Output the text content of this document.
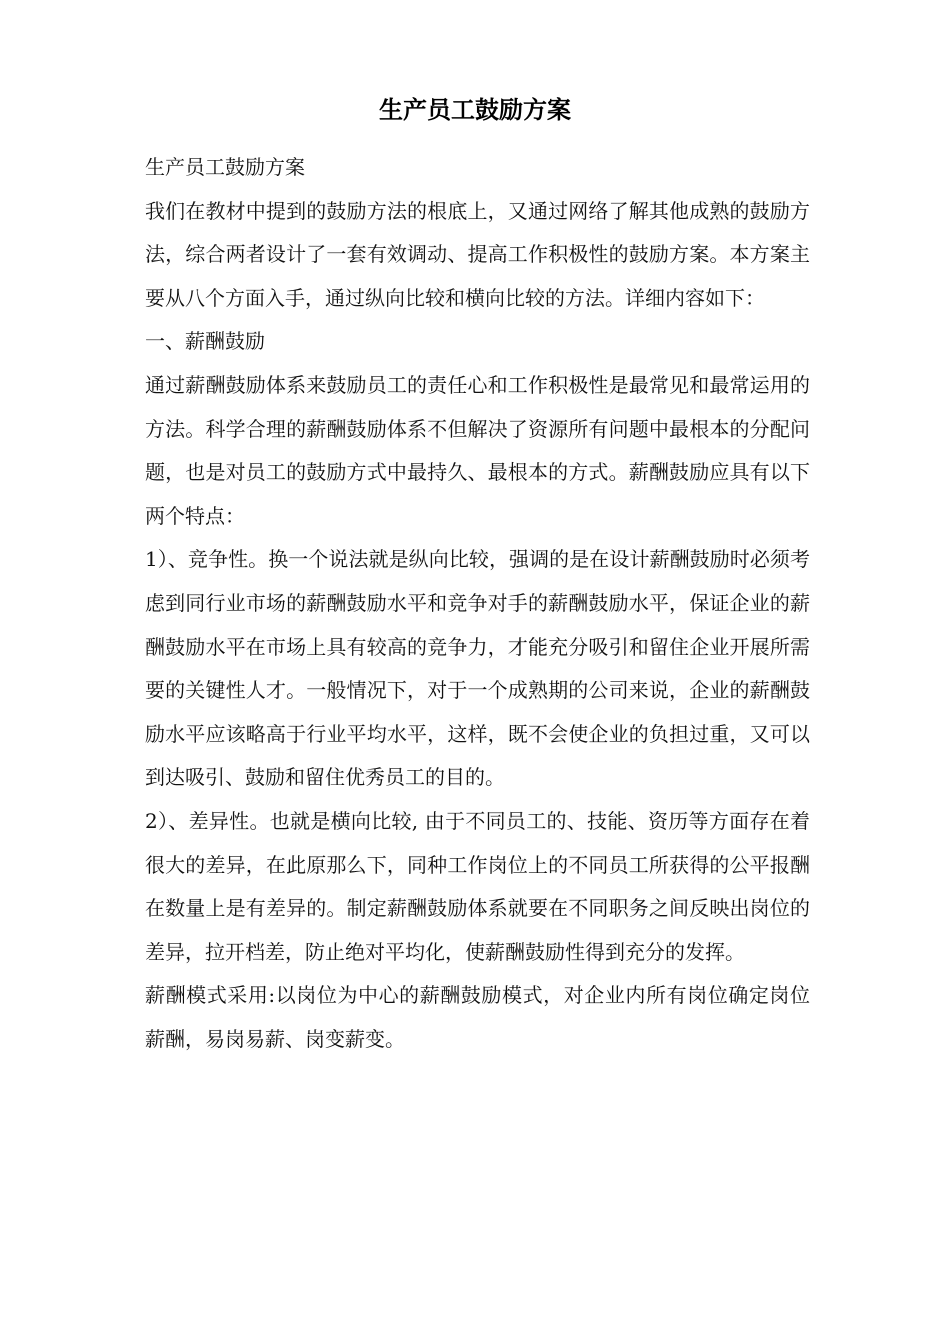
生产员工鼓励方案

生产员工鼓励方案

我们在教材中提到的鼓励方法的根底上，又通过网络了解其他成熟的鼓励方法，综合两者设计了一套有效调动、提高工作积极性的鼓励方案。本方案主要从八个方面入手，通过纵向比较和横向比较的方法。详细内容如下：

一、薪酬鼓励

通过薪酬鼓励体系来鼓励员工的责任心和工作积极性是最常见和最常运用的方法。科学合理的薪酬鼓励体系不但解决了资源所有问题中最根本的分配问题，也是对员工的鼓励方式中最持久、最根本的方式。薪酬鼓励应具有以下两个特点：

1）、竞争性。换一个说法就是纵向比较，强调的是在设计薪酬鼓励时必须考虑到同行业市场的薪酬鼓励水平和竞争对手的薪酬鼓励水平，保证企业的薪酬鼓励水平在市场上具有较高的竞争力，才能充分吸引和留住企业开展所需要的关键性人才。一般情况下，对于一个成熟期的公司来说，企业的薪酬鼓励水平应该略高于行业平均水平，这样，既不会使企业的负担过重，又可以到达吸引、鼓励和留住优秀员工的目的。

2）、差异性。也就是横向比较, 由于不同员工的、技能、资历等方面存在着很大的差异，在此原那么下，同种工作岗位上的不同员工所获得的公平报酬在数量上是有差异的。制定薪酬鼓励体系就要在不同职务之间反映出岗位的差异，拉开档差，防止绝对平均化，使薪酬鼓励性得到充分的发挥。

薪酬模式采用:以岗位为中心的薪酬鼓励模式，对企业内所有岗位确定岗位薪酬，易岗易薪、岗变薪变。
